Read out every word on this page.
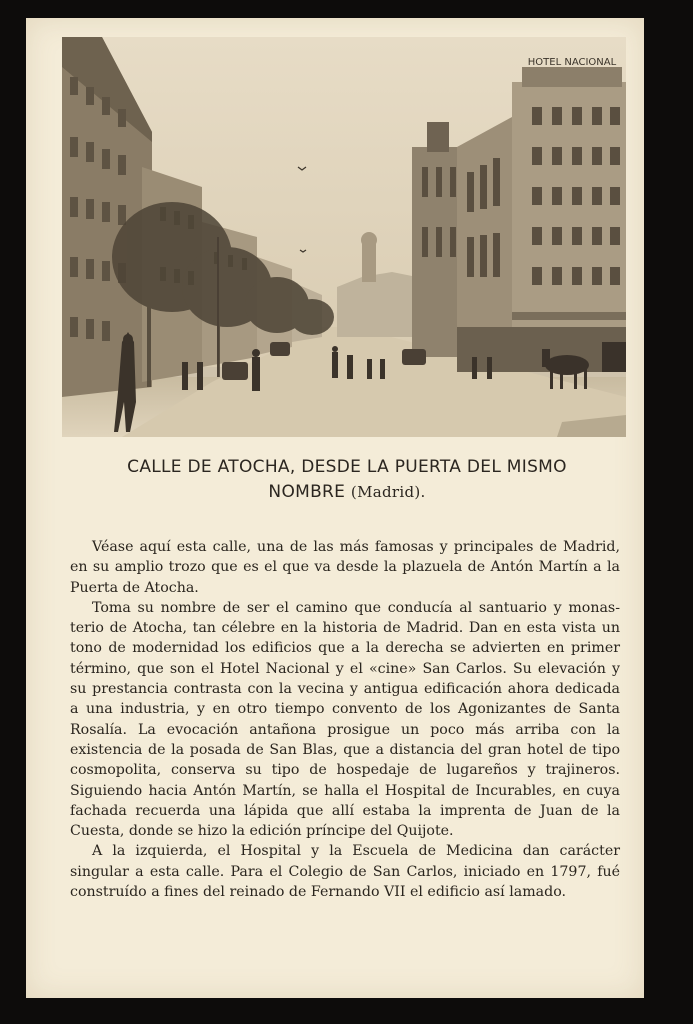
HOTEL NACIONAL
CALLE DE ATOCHA, DESDE LA PUERTA DEL MISMO
NOMBRE (Madrid).

Véase aquí esta calle, una de las más famosas y principales de Madrid, en su amplio trozo que es el que va desde la plazuela de Antón Martín a la Puerta de Atocha.

Toma su nombre de ser el camino que conducía al santuario y monasterio de Atocha, tan célebre en la historia de Madrid. Dan en esta vista un tono de modernidad los edificios que a la derecha se advierten en primer término, que son el Hotel Nacional y el «cine» San Carlos. Su elevación y su prestancia contrasta con la vecina y antigua edificación ahora dedicada a una industria, y en otro tiempo convento de los Agonizantes de Santa Rosalía. La evocación antañona prosigue un poco más arriba con la existencia de la posada de San Blas, que a distancia del gran hotel de tipo cosmopolita, conserva su tipo de hospedaje de lugareños y trajineros. Siguiendo hacia Antón Martín, se halla el Hospital de Incurables, en cuya fachada recuerda una lápida que allí estaba la imprenta de Juan de la Cuesta, donde se hizo la edición príncipe del Quijote.

A la izquierda, el Hospital y la Escuela de Medicina dan carácter singular a esta calle. Para el Colegio de San Carlos, iniciado en 1797, fué construído a fines del reinado de Fernando VII el edificio así lamado.
